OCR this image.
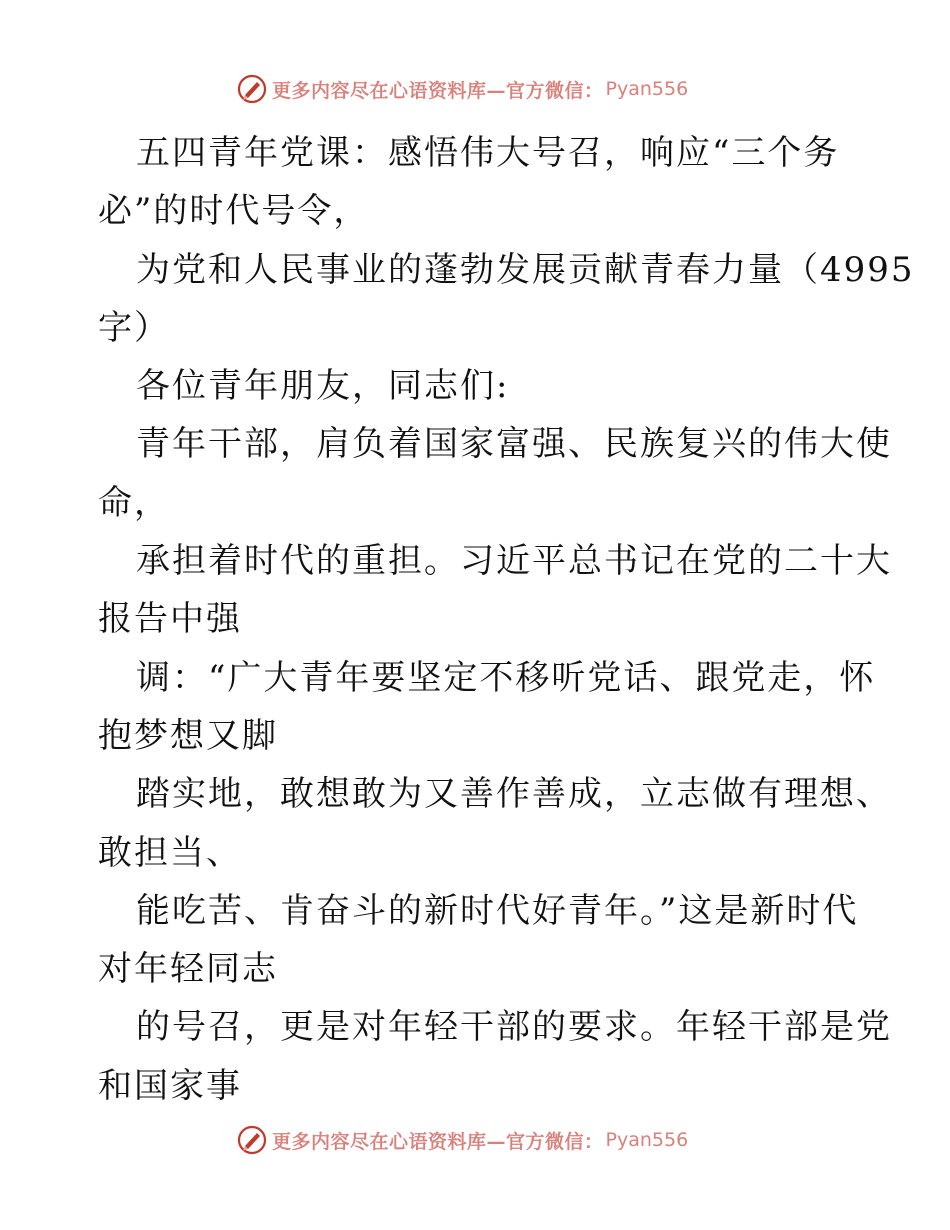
更多内容尽在心语资料库—官方微信： Pyan556
五四青年党课：感悟伟大号召，响应“三个务
必”的时代号令，
为党和人民事业的蓬勃发展贡献青春力量（4995
字）
各位青年朋友，同志们:
青年干部，肩负着国家富强、民族复兴的伟大使
命，
承担着时代的重担。习近平总书记在党的二十大
报告中强
调：“广大青年要坚定不移听党话、跟党走，怀
抱梦想又脚
踏实地，敢想敢为又善作善成，立志做有理想、
敢担当、
能吃苦、肯奋斗的新时代好青年。”这是新时代
对年轻同志
的号召，更是对年轻干部的要求。年轻干部是党
和国家事
更多内容尽在心语资料库—官方微信： Pyan556
